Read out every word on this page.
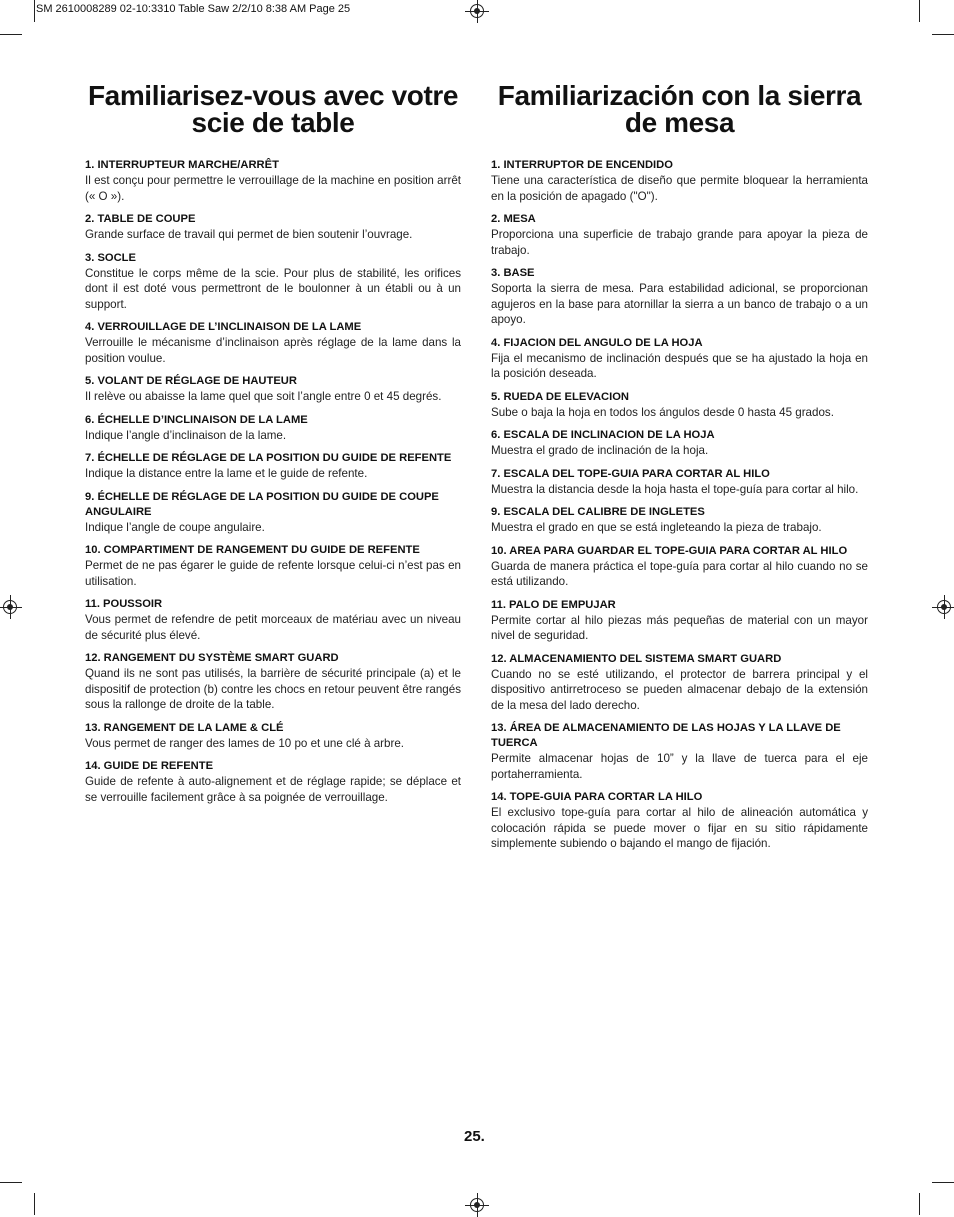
SM 2610008289 02-10:3310 Table Saw 2/2/10 8:38 AM Page 25
Familiarisez-vous avec votre scie de table
1. INTERRUPTEUR MARCHE/ARRÊT
Il est conçu pour permettre le verrouillage de la machine en position arrêt (« O »).
2. TABLE DE COUPE
Grande surface de travail qui permet de bien soutenir l’ouvrage.
3. SOCLE
Constitue le corps même de la scie. Pour plus de stabilité, les orifices dont il est doté vous permettront de le boulonner à un établi ou à un support.
4. VERROUILLAGE DE L’INCLINAISON DE LA LAME
Verrouille le mécanisme d’inclinaison après réglage de la lame dans la position voulue.
5. VOLANT DE RÉGLAGE DE HAUTEUR
Il relève ou abaisse la lame quel que soit l’angle entre 0 et 45 degrés.
6. ÉCHELLE D’INCLINAISON DE LA LAME
Indique l’angle d’inclinaison de la lame.
7. ÉCHELLE DE RÉGLAGE DE LA POSITION DU GUIDE DE REFENTE
Indique la distance entre la lame et le guide de refente.
9. ÉCHELLE DE RÉGLAGE DE LA POSITION DU GUIDE DE COUPE ANGULAIRE
Indique l’angle de coupe angulaire.
10. COMPARTIMENT DE RANGEMENT DU GUIDE DE REFENTE
Permet de ne pas égarer le guide de refente lorsque celui-ci n’est pas en utilisation.
11. POUSSOIR
Vous permet de refendre de petit morceaux de matériau avec un niveau de sécurité plus élevé.
12. RANGEMENT DU SYSTÈME SMART GUARD
Quand ils ne sont pas utilisés, la barrière de sécurité principale (a) et le dispositif de protection (b) contre les chocs en retour peuvent être rangés sous la rallonge de droite de la table.
13. RANGEMENT DE LA LAME & CLÉ
Vous permet de ranger des lames de 10 po et une clé à arbre.
14. GUIDE DE REFENTE
Guide de refente à auto-alignement et de réglage rapide; se déplace et se verrouille facilement grâce à sa poignée de verrouillage.
Familiarización con la sierra de mesa
1. INTERRUPTOR DE ENCENDIDO
Tiene una característica de diseño que permite bloquear la herramienta en la posición de apagado ("O").
2. MESA
Proporciona una superficie de trabajo grande para apoyar la pieza de trabajo.
3. BASE
Soporta la sierra de mesa. Para estabilidad adicional, se proporcionan agujeros en la base para atornillar la sierra a un banco de trabajo o a un apoyo.
4. FIJACION DEL ANGULO DE LA HOJA
Fija el mecanismo de inclinación después que se ha ajustado la hoja en la posición deseada.
5. RUEDA DE ELEVACION
Sube o baja la hoja en todos los ángulos desde 0 hasta 45 grados.
6. ESCALA DE INCLINACION DE LA HOJA
Muestra el grado de inclinación de la hoja.
7. ESCALA DEL TOPE-GUIA PARA CORTAR AL HILO
Muestra la distancia desde la hoja hasta el tope-guía para cortar al hilo.
9. ESCALA DEL CALIBRE DE INGLETES
Muestra el grado en que se está ingleteando la pieza de trabajo.
10. AREA PARA GUARDAR EL TOPE-GUIA PARA CORTAR AL HILO
Guarda de manera práctica el tope-guía para cortar al hilo cuando no se está utilizando.
11. PALO DE EMPUJAR
Permite cortar al hilo piezas más pequeñas de material con un mayor nivel de seguridad.
12. ALMACENAMIENTO DEL SISTEMA SMART GUARD
Cuando no se esté utilizando, el protector de barrera principal y el dispositivo antirretroceso se pueden almacenar debajo de la extensión de la mesa del lado derecho.
13. ÁREA DE ALMACENAMIENTO DE LAS HOJAS Y LA LLAVE DE TUERCA
Permite almacenar hojas de 10” y la llave de tuerca para el eje portaherramienta.
14. TOPE-GUIA PARA CORTAR LA HILO
El exclusivo tope-guía para cortar al hilo de alineación automática y colocación rápida se puede mover o fijar en su sitio rápidamente simplemente subiendo o bajando el mango de fijación.
25.
